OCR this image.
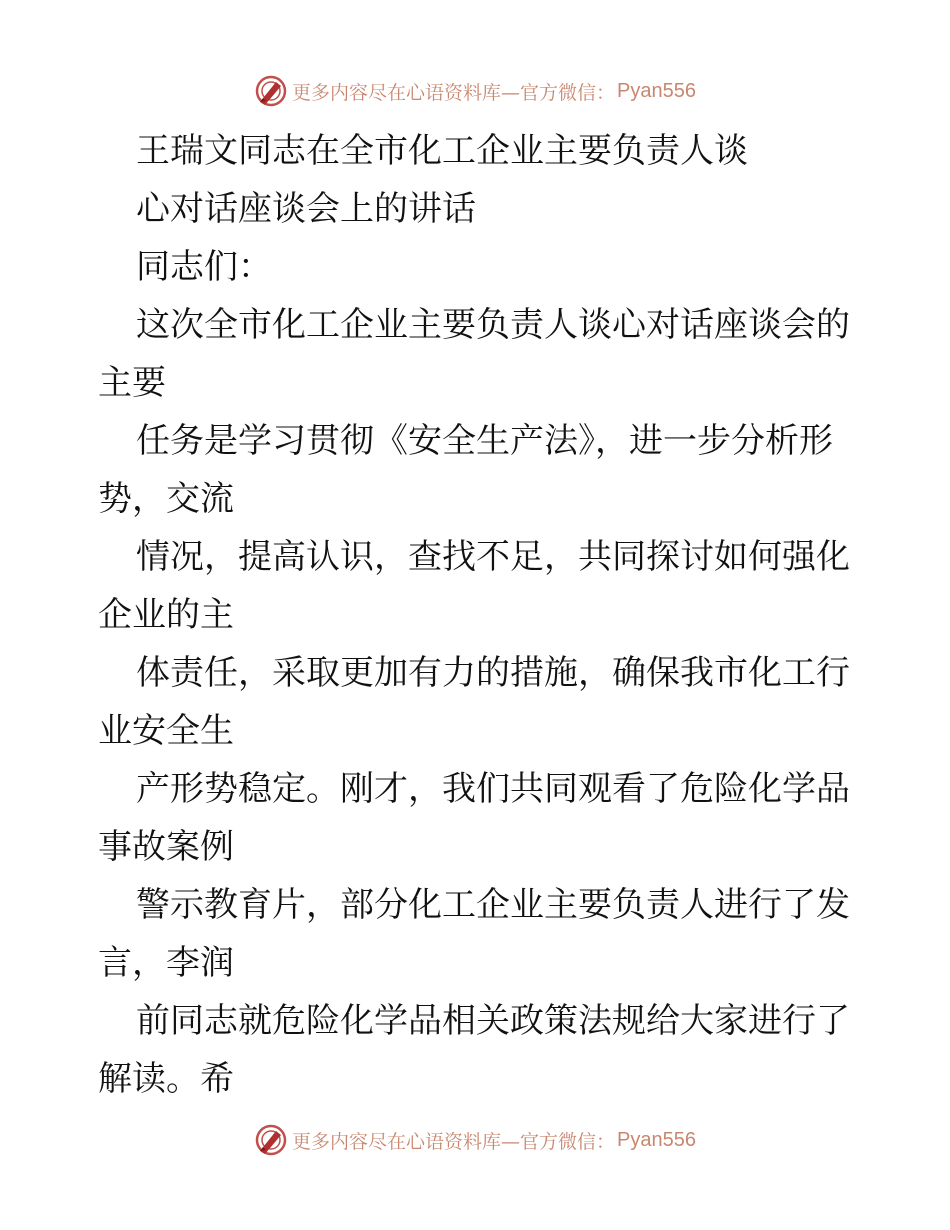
更多内容尽在心语资料库—官方微信： Pyan556
王瑞文同志在全市化工企业主要负责人谈
心对话座谈会上的讲话
同志们：
这次全市化工企业主要负责人谈心对话座谈会的
主要
任务是学习贯彻《安全生产法》，进一步分析形
势，交流
情况，提高认识，查找不足，共同探讨如何强化
企业的主
体责任，采取更加有力的措施，确保我市化工行
业安全生
产形势稳定。刚才，我们共同观看了危险化学品
事故案例
警示教育片，部分化工企业主要负责人进行了发
言，李润
前同志就危险化学品相关政策法规给大家进行了
解读。希
更多内容尽在心语资料库—官方微信： Pyan556
